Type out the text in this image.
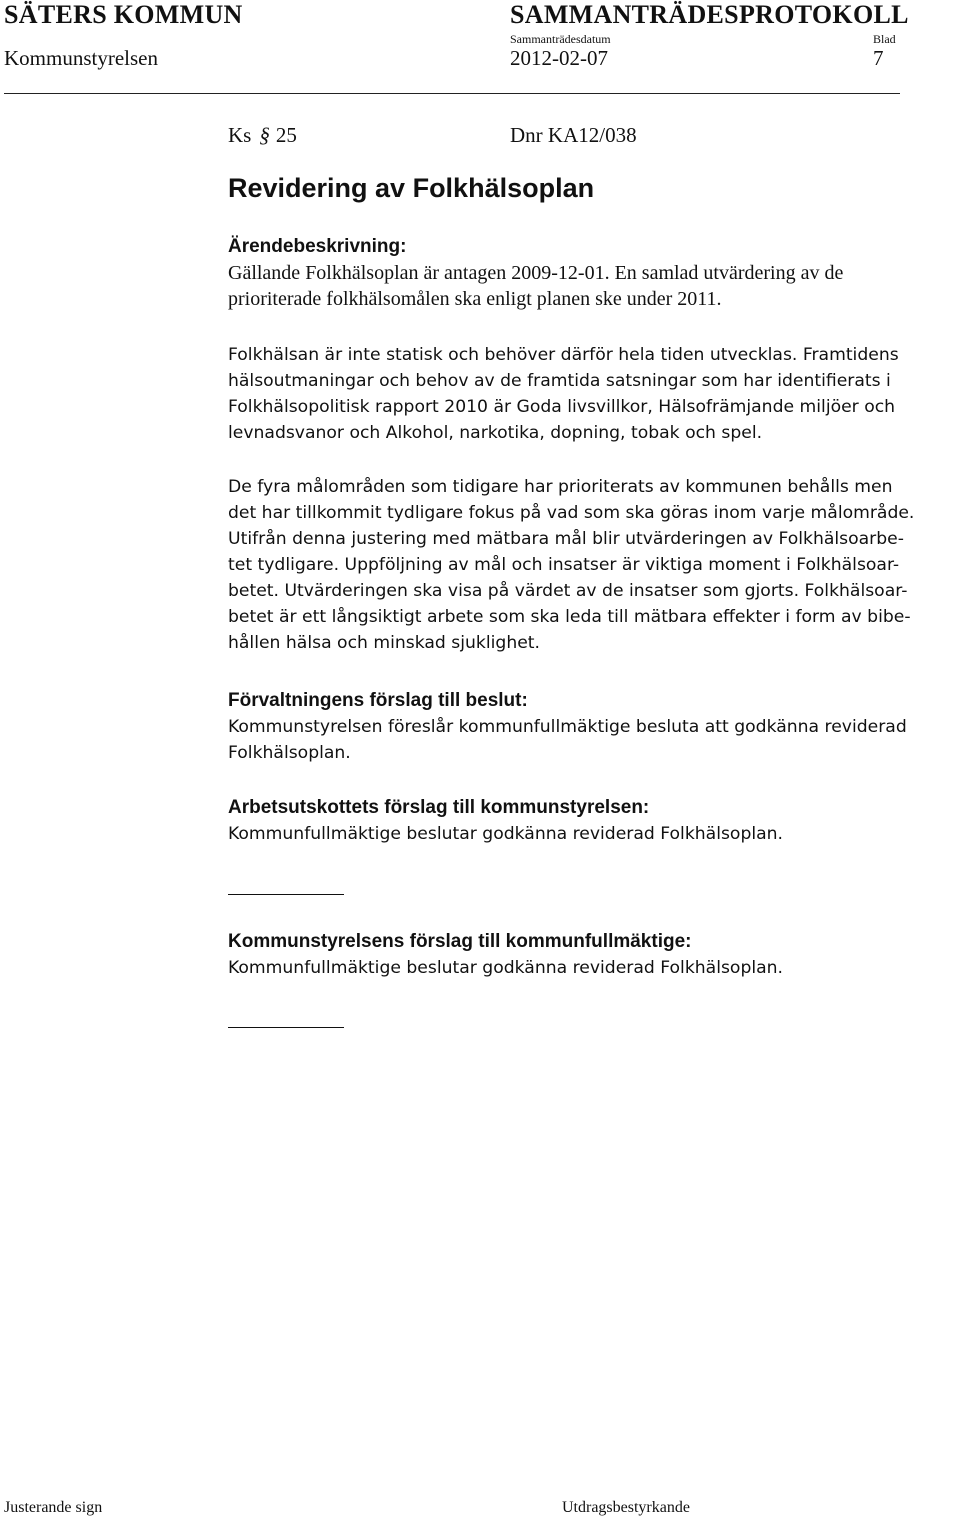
SÄTERS KOMMUN	SAMMANTRÄDESPROTOKOLL
Sammanträdesdatum	Blad
Kommunstyrelsen	2012-02-07	7
Ks § 25	Dnr KA12/038
Revidering av Folkhälsoplan
Ärendebeskrivning:
Gällande Folkhälsoplan är antagen 2009-12-01. En samlad utvärdering av de
prioriterade folkhälsomålen ska enligt planen ske under 2011.
Folkhälsan är inte statisk och behöver därför hela tiden utvecklas. Framtidens
hälsoutmaningar och behov av de framtida satsningar som har identifierats i
Folkhälsopolitisk rapport 2010 är Goda livsvillkor, Hälsofrämjande miljöer och
levnadsvanor och Alkohol, narkotika, dopning, tobak och spel.
De fyra målområden som tidigare har prioriterats av kommunen behålls men
det har tillkommit tydligare fokus på vad som ska göras inom varje målområde.
Utifrån denna justering med mätbara mål blir utvärderingen av Folkhälsoarbe-
tet tydligare. Uppföljning av mål och insatser är viktiga moment i Folkhälsoar-
betet. Utvärderingen ska visa på värdet av de insatser som gjorts. Folkhälsoar-
betet är ett långsiktigt arbete som ska leda till mätbara effekter i form av bibe-
hållen hälsa och minskad sjuklighet.
Förvaltningens förslag till beslut:
Kommunstyrelsen föreslår kommunfullmäktige besluta att godkänna reviderad
Folkhälsoplan.
Arbetsutskottets förslag till kommunstyrelsen:
Kommunfullmäktige beslutar godkänna reviderad Folkhälsoplan.
Kommunstyrelsens förslag till kommunfullmäktige:
Kommunfullmäktige beslutar godkänna reviderad Folkhälsoplan.
Justerande sign	Utdragsbestyrkande
